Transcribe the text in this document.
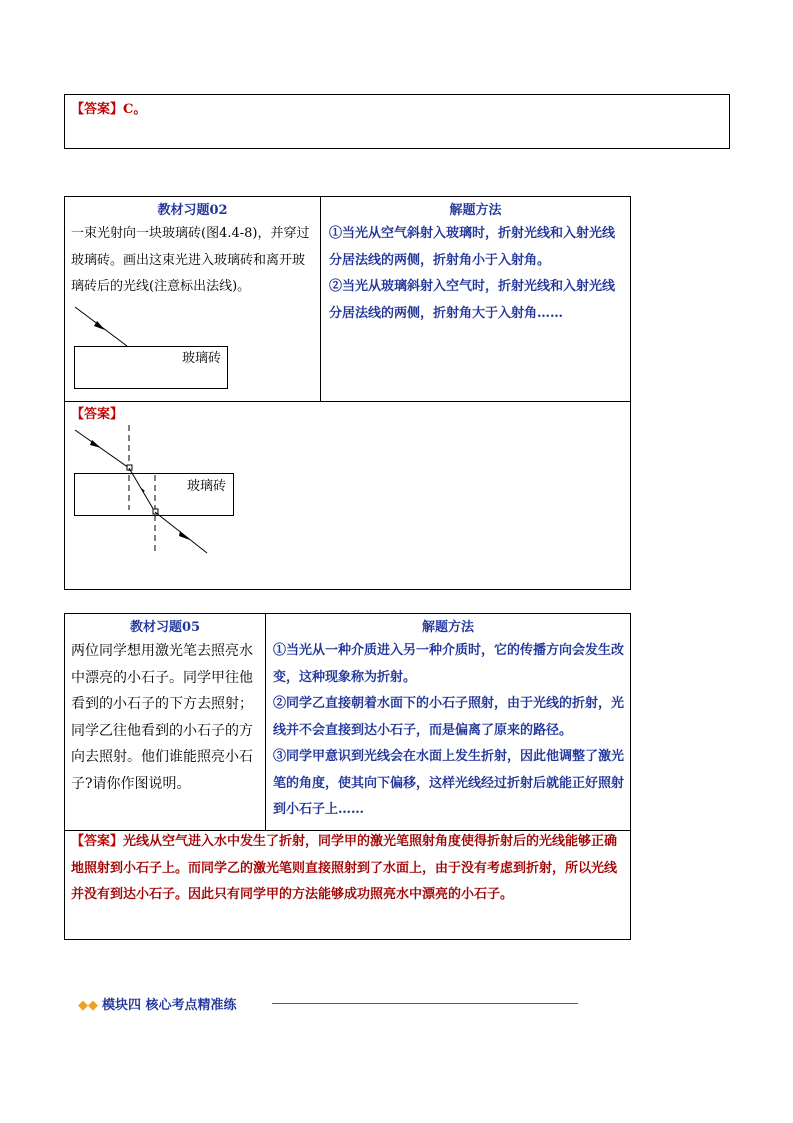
【答案】C。
教材习题02	解题方法
一束光射向一块玻璃砖(图4.4-8)，并穿过玻璃砖。画出这束光进入玻璃砖和离开玻璃砖后的光线(注意标出法线)。
玻璃砖
①当光从空气斜射入玻璃时，折射光线和入射光线分居法线的两侧，折射角小于入射角。
②当光从玻璃斜射入空气时，折射光线和入射光线分居法线的两侧，折射角大于入射角……
【答案】
玻璃砖
教材习题05	解题方法
两位同学想用激光笔去照亮水中漂亮的小石子。同学甲往他看到的小石子的下方去照射；同学乙往他看到的小石子的方向去照射。他们谁能照亮小石子?请你作图说明。
①当光从一种介质进入另一种介质时，它的传播方向会发生改变，这种现象称为折射。
②同学乙直接朝着水面下的小石子照射，由于光线的折射，光线并不会直接到达小石子，而是偏离了原来的路径。
③同学甲意识到光线会在水面上发生折射，因此他调整了激光笔的角度，使其向下偏移，这样光线经过折射后就能正好照射到小石子上……
【答案】光线从空气进入水中发生了折射，同学甲的激光笔照射角度使得折射后的光线能够正确地照射到小石子上。而同学乙的激光笔则直接照射到了水面上，由于没有考虑到折射，所以光线并没有到达小石子。因此只有同学甲的方法能够成功照亮水中漂亮的小石子。
◆◆ 模块四 核心考点精准练
